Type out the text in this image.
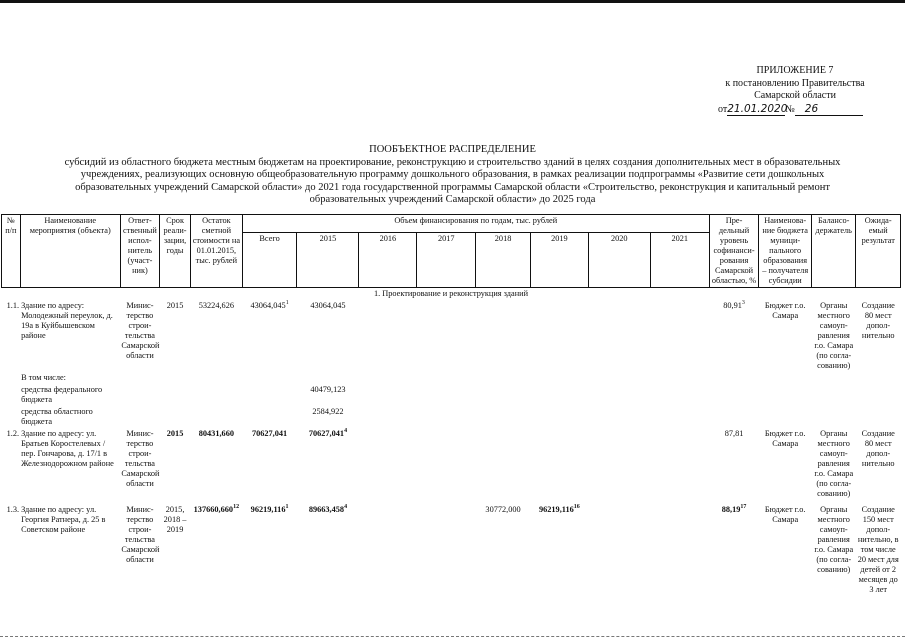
ПРИЛОЖЕНИЕ 7
к постановлению Правительства
Самарской области
от21.01.2020№ 26
ПООБЪЕКТНОЕ РАСПРЕДЕЛЕНИЕ
субсидий из областного бюджета местным бюджетам на проектирование, реконструкцию и строительство зданий в целях создания дополнительных мест в образовательных
учреждениях, реализующих основную общеобразовательную программу дошкольного образования, в рамках реализации подпрограммы «Развитие сети дошкольных
образовательных учреждений Самарской области» до 2021 года государственной программы Самарской области «Строительство, реконструкция и капитальный ремонт
образовательных учреждений Самарской области» до 2025 года
№ п/п	Наименование мероприятия (объекта)	Ответ-ственный испол-нитель (участ-ник)	Срок реали-зации, годы	Остаток сметной стоимости на 01.01.2015, тыс. рублей	Объем финансирования по годам, тыс. рублей								Пре-дельный уровень софинанси-рования Самарской областью, %	Наименова-ние бюджета муници-пального образования – получателя субсидии	Балансо-держатель	Ожида-емый результат
					Всего	2015	2016	2017	2018	2019	2020	2021				
1. Проектирование и реконструкция зданий																
1.1.	Здание по адресу: Молодежный переулок, д. 19а в Куйбышевском районе	Минис-терство строи-тельства Самарской области	2015	53224,626	43064,045$^1$	43064,045							80,91$^3$	Бюджет г.о. Самара	Органы местного самоуп-равления г.о. Самара (по согла-сованию)	Создание 80 мест допол-нительно
	В том числе:															
	средства федерального бюджета					40479,123										
	средства областного бюджета					2584,922										
1.2.	Здание по адресу: ул. Братьев Коростелевых / пер. Гончарова, д. 17/1 в Железнодорожном районе	Минис-терство строи-тельства Самарской области	2015	80431,660	70627,041	70627,041$^4$							87,81	Бюджет г.о. Самара	Органы местного самоуп-равления г.о. Самара (по согла-сованию)	Создание 80 мест допол-нительно
1.3.	Здание по адресу: ул. Георгия Ратнера, д. 25 в Советском районе	Минис-терство строи-тельства Самарской области	2015, 2018 – 2019	137660,660$^{12}$	96219,116$^1$	89663,458$^4$			30772,000	96219,116$^{16}$			88,19$^{17}$	Бюджет г.о. Самара	Органы местного самоуп-равления г.о. Самара (по согла-сованию)	Создание 150 мест допол-нительно, в том числе 20 мест для детей от 2 месяцев до 3 лет
